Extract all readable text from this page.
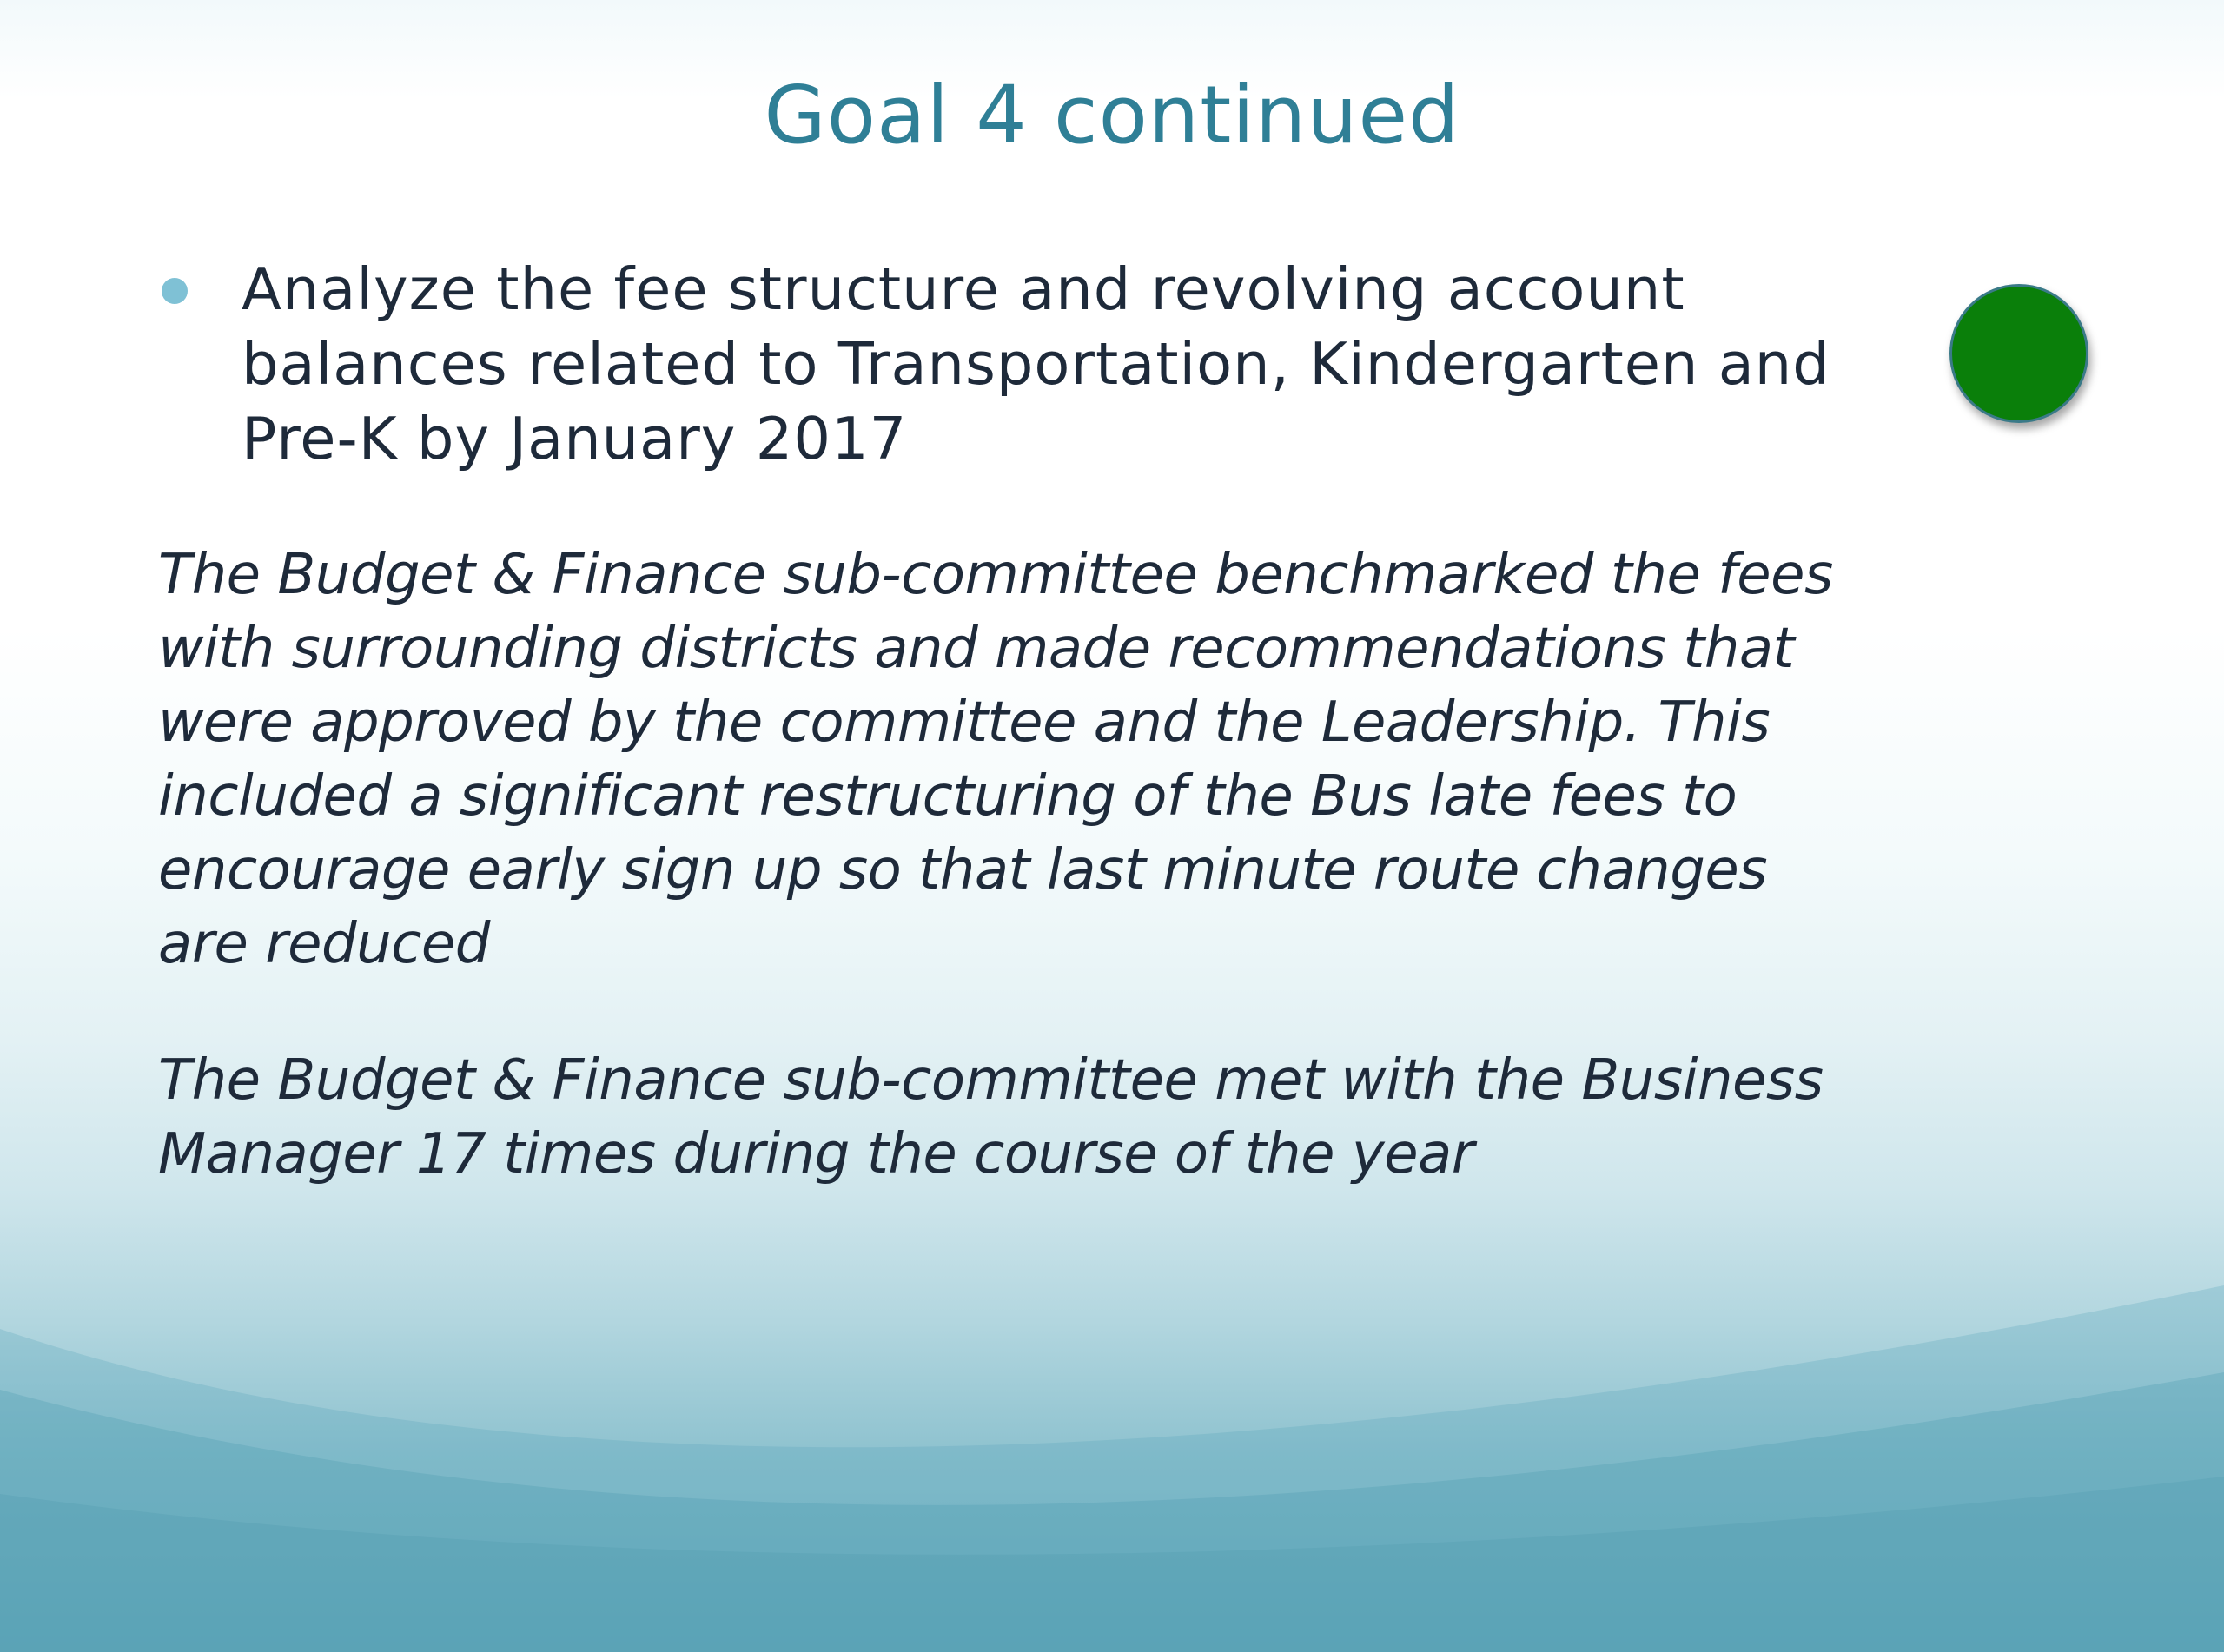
Goal 4 continued
Analyze the fee structure and revolving account balances related to Transportation, Kindergarten and Pre-K by January 2017
The Budget & Finance sub-committee benchmarked the fees with surrounding districts and made recommendations that were approved by the committee and the Leadership. This included a significant restructuring of the Bus late fees to encourage early sign up so that last minute route changes are reduced
The Budget & Finance sub-committee met with the Business Manager 17 times during the course of the year
